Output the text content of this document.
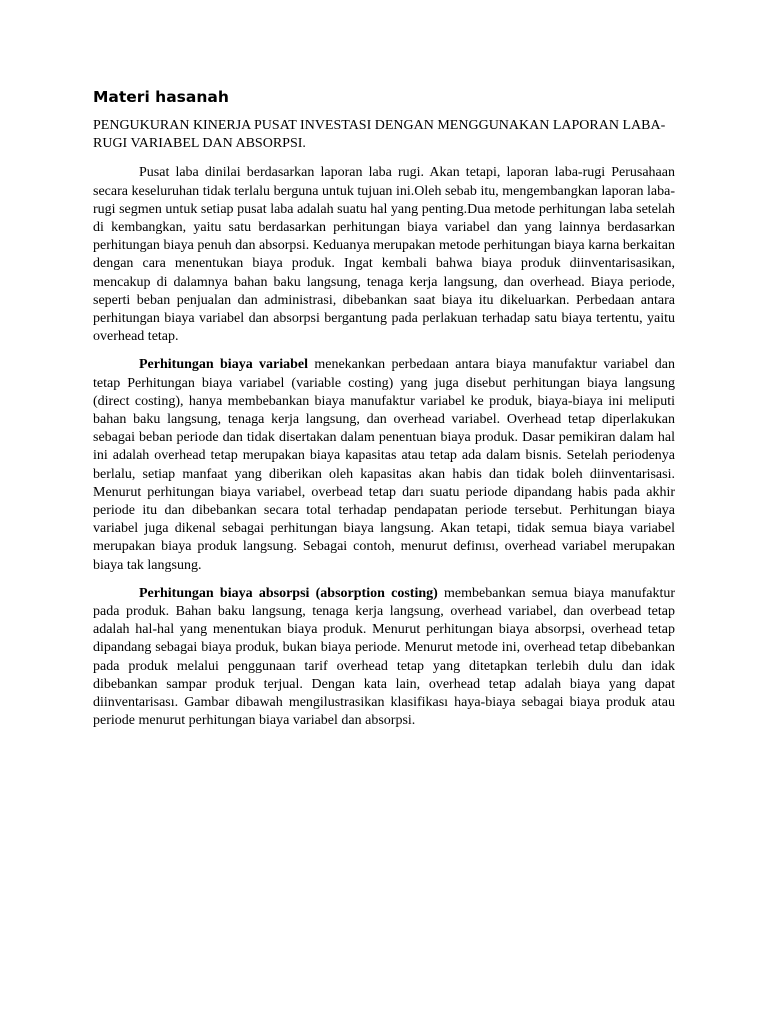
Materi hasanah
PENGUKURAN KINERJA PUSAT INVESTASI DENGAN MENGGUNAKAN LAPORAN LABA-RUGI VARIABEL DAN ABSORPSI.

Pusat laba dinilai berdasarkan laporan laba rugi. Akan tetapi, laporan laba-rugi Perusahaan secara keseluruhan tidak terlalu berguna untuk tujuan ini.Oleh sebab itu, mengembangkan laporan laba-rugi segmen untuk setiap pusat laba adalah suatu hal yang penting.Dua metode perhitungan laba setelah di kembangkan, yaitu satu berdasarkan perhitungan biaya variabel dan yang lainnya berdasarkan perhitungan biaya penuh dan absorpsi. Keduanya merupakan metode perhitungan biaya karna berkaitan dengan cara menentukan biaya produk. Ingat kembali bahwa biaya produk diinventarisasikan, mencakup di dalamnya bahan baku langsung, tenaga kerja langsung, dan overhead. Biaya periode, seperti beban penjualan dan administrasi, dibebankan saat biaya itu dikeluarkan. Perbedaan antara perhitungan biaya variabel dan absorpsi bergantung pada perlakuan terhadap satu biaya tertentu, yaitu overhead tetap.

Perhitungan biaya variabel menekankan perbedaan antara biaya manufaktur variabel dan tetap Perhitungan biaya variabel (variable costing) yang juga disebut perhitungan biaya langsung (direct costing), hanya membebankan biaya manufaktur variabel ke produk, biaya-biaya ini meliputi bahan baku langsung, tenaga kerja langsung, dan overhead variabel. Overhead tetap diperlakukan sebagai beban periode dan tidak disertakan dalam penentuan biaya produk. Dasar pemikiran dalam hal ini adalah overhead tetap merupakan biaya kapasitas atau tetap ada dalam bisnis. Setelah periodenya berlalu, setiap manfaat yang diberikan oleh kapasitas akan habis dan tidak boleh diinventarisasi. Menurut perhitungan biaya variabel, overbead tetap darı suatu periode dipandang habis pada akhir periode itu dan dibebankan secara total terhadap pendapatan periode tersebut. Perhitungan biaya variabel juga dikenal sebagai perhitungan biaya langsung. Akan tetapi, tidak semua biaya variabel merupakan biaya produk langsung. Sebagai contoh, menurut definısı, overhead variabel merupakan biaya tak langsung.

Perhitungan biaya absorpsi (absorption costing) membebankan semua biaya manufaktur pada produk. Bahan baku langsung, tenaga kerja langsung, overhead variabel, dan overbead tetap adalah hal-hal yang menentukan biaya produk. Menurut perhitungan biaya absorpsi, overhead tetap dipandang sebagai biaya produk, bukan biaya periode. Menurut metode ini, overhead tetap dibebankan pada produk melalui penggunaan tarif overhead tetap yang ditetapkan terlebih dulu dan idak dibebankan sampar produk terjual. Dengan kata lain, overhead tetap adalah biaya yang dapat diinventarisası. Gambar dibawah mengilustrasikan klasifikası haya-biaya sebagai biaya produk atau periode menurut perhitungan biaya variabel dan absorpsi.
